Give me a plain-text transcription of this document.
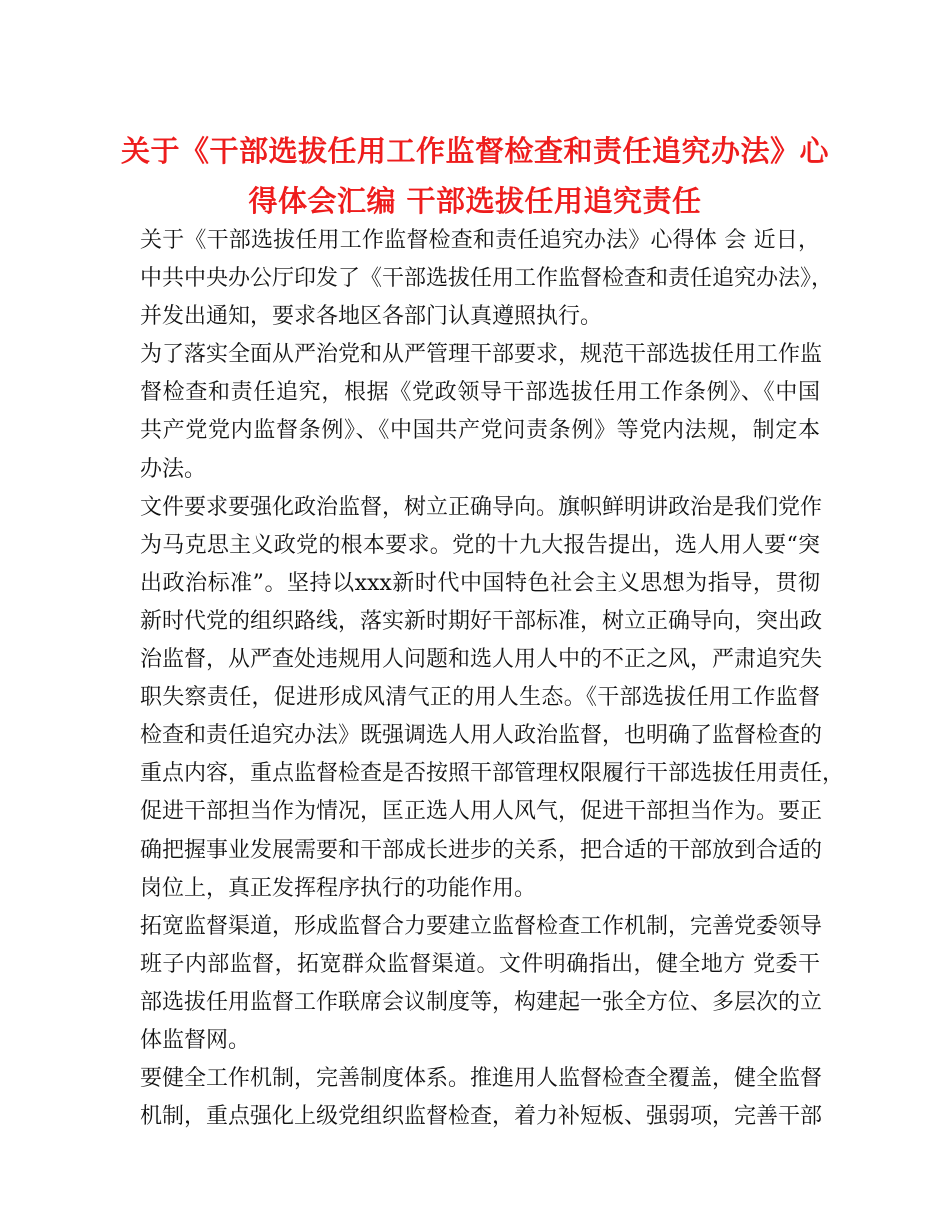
关于《干部选拔任用工作监督检查和责任追究办法》心
得体会汇编 干部选拔任用追究责任
关于《干部选拔任用工作监督检查和责任追究办法》心得体 会 近日，
中共中央办公厅印发了《干部选拔任用工作监督检查和责任追究办法》，
并发出通知，要求各地区各部门认真遵照执行。
为了落实全面从严治党和从严管理干部要求，规范干部选拔任用工作监
督检查和责任追究，根据《党政领导干部选拔任用工作条例》、《中国
共产党党内监督条例》、《中国共产党问责条例》等党内法规，制定本
办法。
文件要求要强化政治监督，树立正确导向。旗帜鲜明讲政治是我们党作
为马克思主义政党的根本要求。党的十九大报告提出，选人用人要“突
出政治标准”。坚持以xxx新时代中国特色社会主义思想为指导，贯彻
新时代党的组织路线，落实新时期好干部标准，树立正确导向，突出政
治监督，从严查处违规用人问题和选人用人中的不正之风，严肃追究失
职失察责任，促进形成风清气正的用人生态。《干部选拔任用工作监督
检查和责任追究办法》既强调选人用人政治监督，也明确了监督检查的
重点内容，重点监督检查是否按照干部管理权限履行干部选拔任用责任，
促进干部担当作为情况，匡正选人用人风气，促进干部担当作为。要正
确把握事业发展需要和干部成长进步的关系，把合适的干部放到合适的
岗位上，真正发挥程序执行的功能作用。
拓宽监督渠道，形成监督合力要建立监督检查工作机制，完善党委领导
班子内部监督，拓宽群众监督渠道。文件明确指出，健全地方 党委干
部选拔任用监督工作联席会议制度等，构建起一张全方位、多层次的立
体监督网。
要健全工作机制，完善制度体系。推進用人监督检查全覆盖，健全监督
机制，重点强化上级党组织监督检查，着力补短板、强弱项，完善干部
